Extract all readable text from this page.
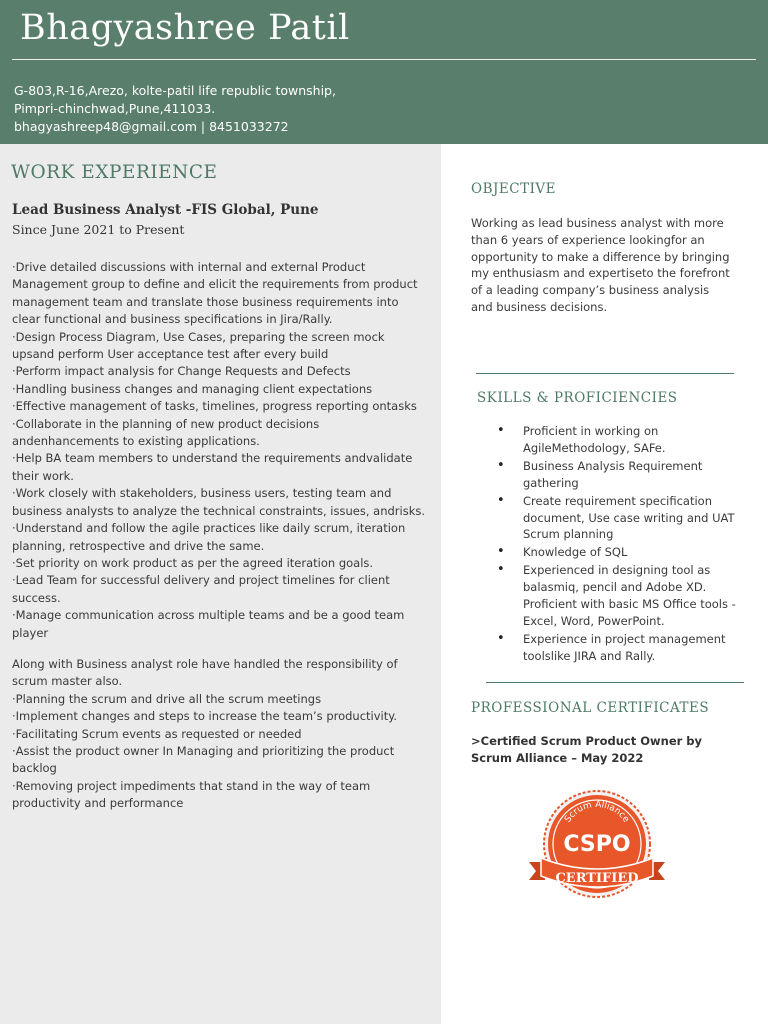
Bhagyashree Patil
G-803,R-16,Arezo, kolte-patil life republic township,
Pimpri-chinchwad,Pune,411033.
bhagyashreep48@gmail.com | 8451033272
WORK EXPERIENCE
Lead Business Analyst -FIS Global, Pune
Since June 2021 to Present
·Drive detailed discussions with internal and external Product Management group to define and elicit the requirements from product management team and translate those business requirements into clear functional and business specifications in Jira/Rally.
·Design Process Diagram, Use Cases, preparing the screen mock upsand perform User acceptance test after every build
·Perform impact analysis for Change Requests and Defects
·Handling business changes and managing client expectations
·Effective management of tasks, timelines, progress reporting ontasks
·Collaborate in the planning of new product decisions andenhancements to existing applications.
·Help BA team members to understand the requirements andvalidate their work.
·Work closely with stakeholders, business users, testing team and business analysts to analyze the technical constraints, issues, andrisks.
·Understand and follow the agile practices like daily scrum, iteration planning, retrospective and drive the same.
·Set priority on work product as per the agreed iteration goals.
·Lead Team for successful delivery and project timelines for client success.
·Manage communication across multiple teams and be a good team player
Along with Business analyst role have handled the responsibility of scrum master also.
·Planning the scrum and drive all the scrum meetings
·Implement changes and steps to increase the team’s productivity.
·Facilitating Scrum events as requested or needed
·Assist the product owner In Managing and prioritizing the product backlog
·Removing project impediments that stand in the way of team productivity and performance
OBJECTIVE
Working as lead business analyst with more than 6 years of experience lookingfor an opportunity to make a difference by bringing my enthusiasm and expertiseto the forefront of a leading company’s business analysis and business decisions.
SKILLS & PROFICIENCIES
• Proficient in working on AgileMethodology, SAFe.
• Business Analysis Requirement gathering
• Create requirement specification document, Use case writing and UAT Scrum planning
• Knowledge of SQL
• Experienced in designing tool as balasmiq, pencil and Adobe XD. Proficient with basic MS Office tools - Excel, Word, PowerPoint.
• Experience in project management toolslike JIRA and Rally.
PROFESSIONAL CERTIFICATES
>Certified Scrum Product Owner by Scrum Alliance – May 2022
Scrum Alliance
CSPO
CERTIFIED
